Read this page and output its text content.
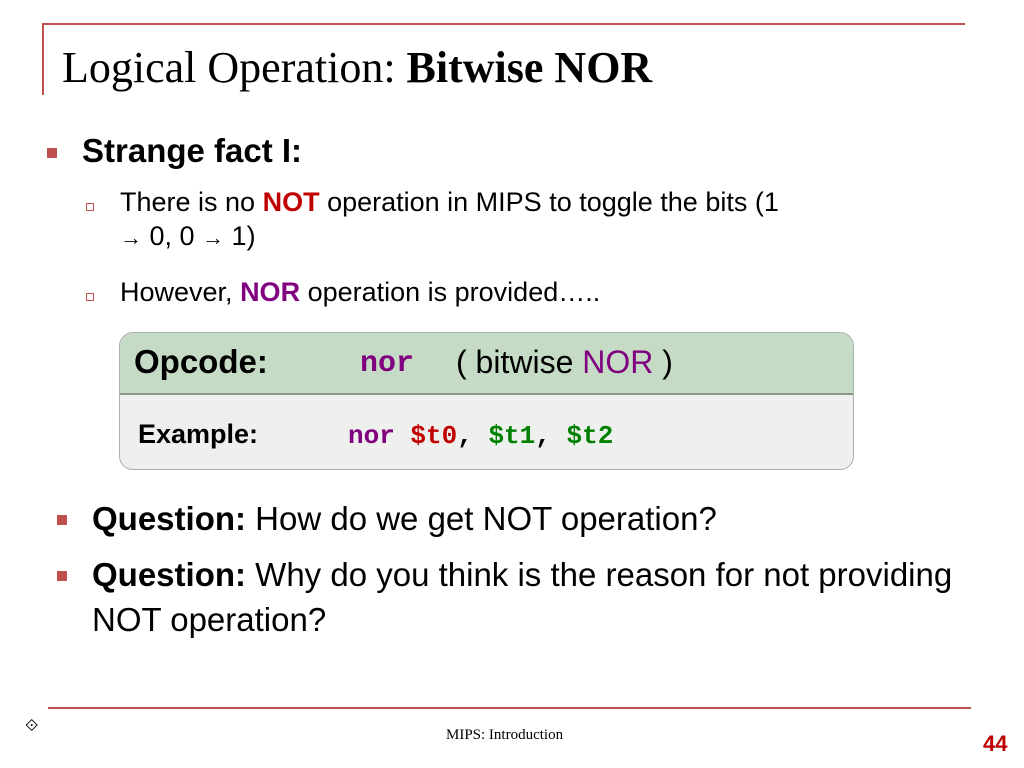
Logical Operation: Bitwise NOR
Strange fact I:
There is no NOT operation in MIPS to toggle the bits (1
→ 0, 0 → 1)
However, NOR operation is provided…..
Opcode:	nor ( bitwise NOR )
Example:	nor $t0, $t1, $t2
Question: How do we get NOT operation?
Question: Why do you think is the reason for not providing NOT operation?
⟐	MIPS: Introduction	44
